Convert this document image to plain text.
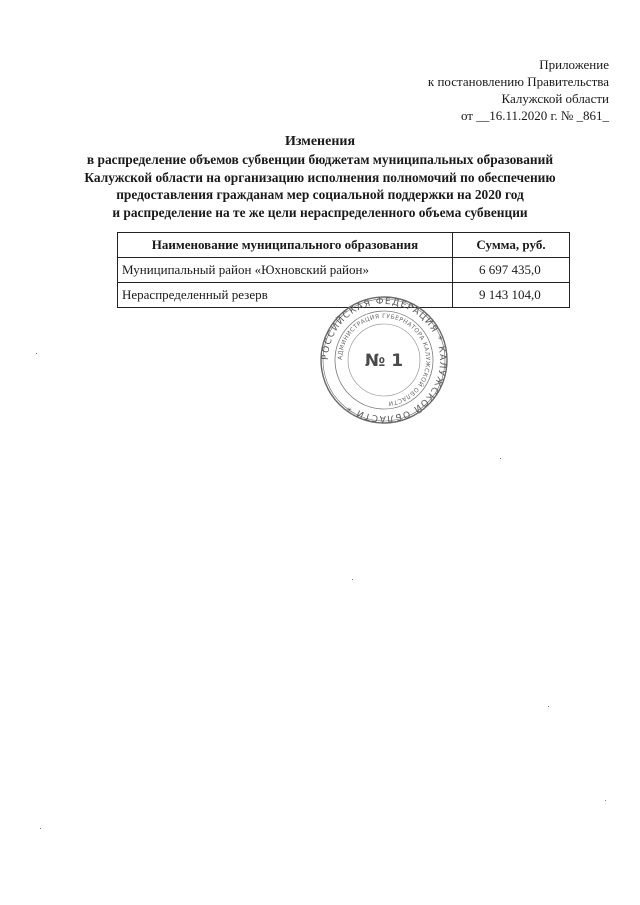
Приложение
к постановлению Правительства
Калужской области
от __16.11.2020 г. № _861_
Изменения
в распределение объемов субвенции бюджетам муниципальных образований
Калужской области на организацию исполнения полномочий по обеспечению
предоставления гражданам мер социальной поддержки на 2020 год
и распределение на те же цели нераспределенного объема субвенции
Наименование муниципального образования	Сумма, руб.
Муниципальный район «Юхновский район»	6 697 435,0
Нераспределенный резерв	9 143 104,0
РОССИЙСКАЯ ФЕДЕРАЦИЯ * КАЛУЖСКОЙ ОБЛАСТИ *
АДМИНИСТРАЦИЯ ГУБЕРНАТОРА КАЛУЖСКОЙ ОБЛАСТИ
№ 1
